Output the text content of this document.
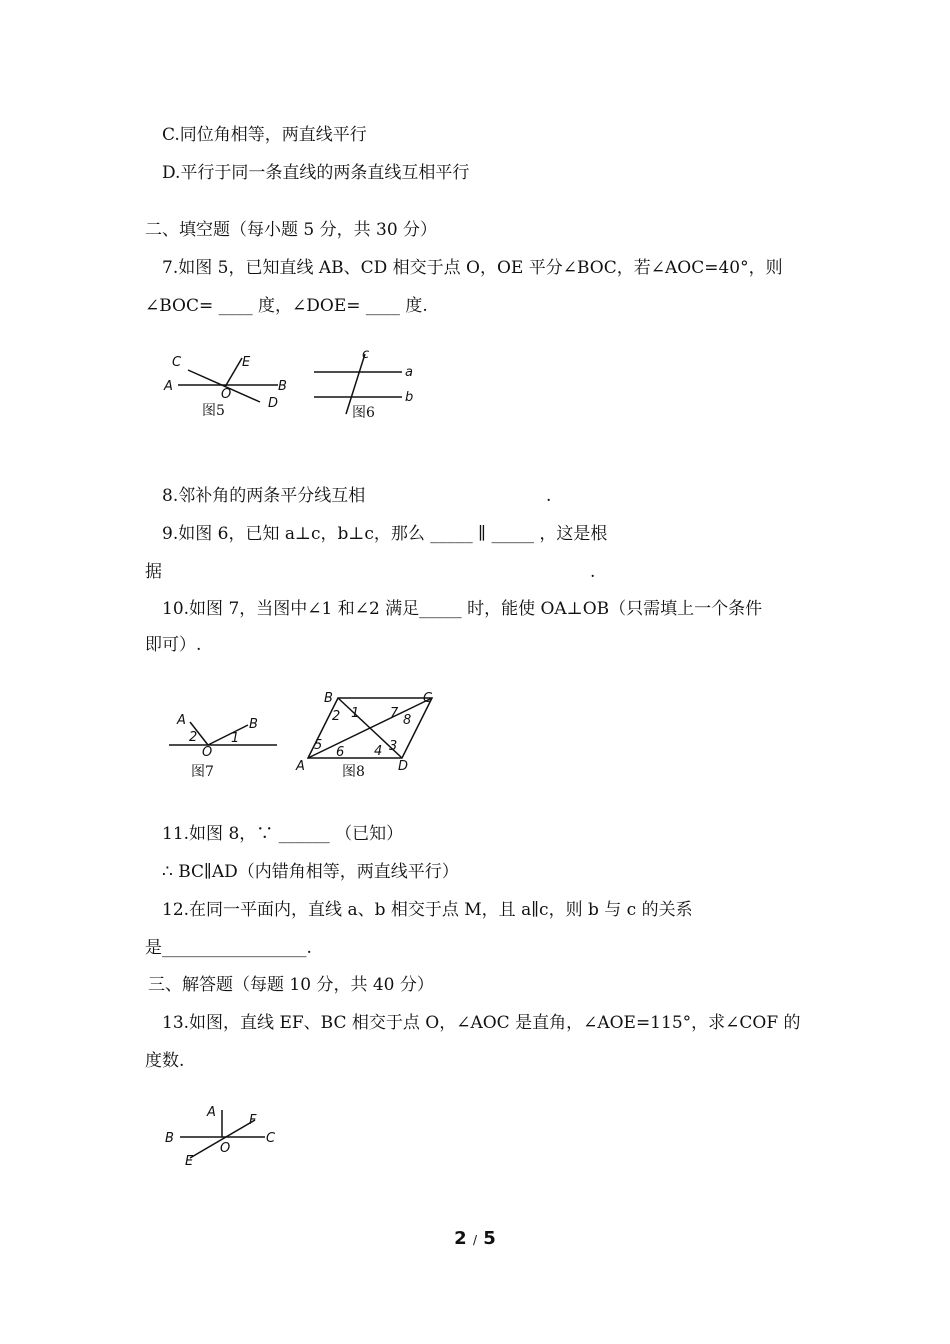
C.同位角相等，两直线平行
D.平行于同一条直线的两条直线互相平行
二、填空题（每小题 5 分，共 30 分）
7.如图 5，已知直线 AB、CD 相交于点 O，OE 平分∠BOC，若∠AOC=40°，则
∠BOC= ____ 度，∠DOE= ____ 度.
C	E
A	B
O
D
图5
c
a
b
图6
8.邻补角的两条平分线互相	.
9.如图 6，已知 a⊥c，b⊥c，那么 _____ ∥ _____ ，这是根
据	.
10.如图 7，当图中∠1 和∠2 满足_____ 时，能使 OA⊥OB（只需填上一个条件
即可）.
A	B
2	1
O
图7
B	C
2 1 7 8
5 6 4 3
A	D
图8
11.如图 8，∵ ______ （已知）
∴ BC∥AD（内错角相等，两直线平行）
12.在同一平面内，直线 a、b 相交于点 M，且 a∥c，则 b 与 c 的关系
是_________________.
三、解答题（每题 10 分，共 40 分）
13.如图，直线 EF、BC 相交于点 O，∠AOC 是直角，∠AOE=115°，求∠COF 的
度数.
A
F
B	C
O
E
2 / 5
